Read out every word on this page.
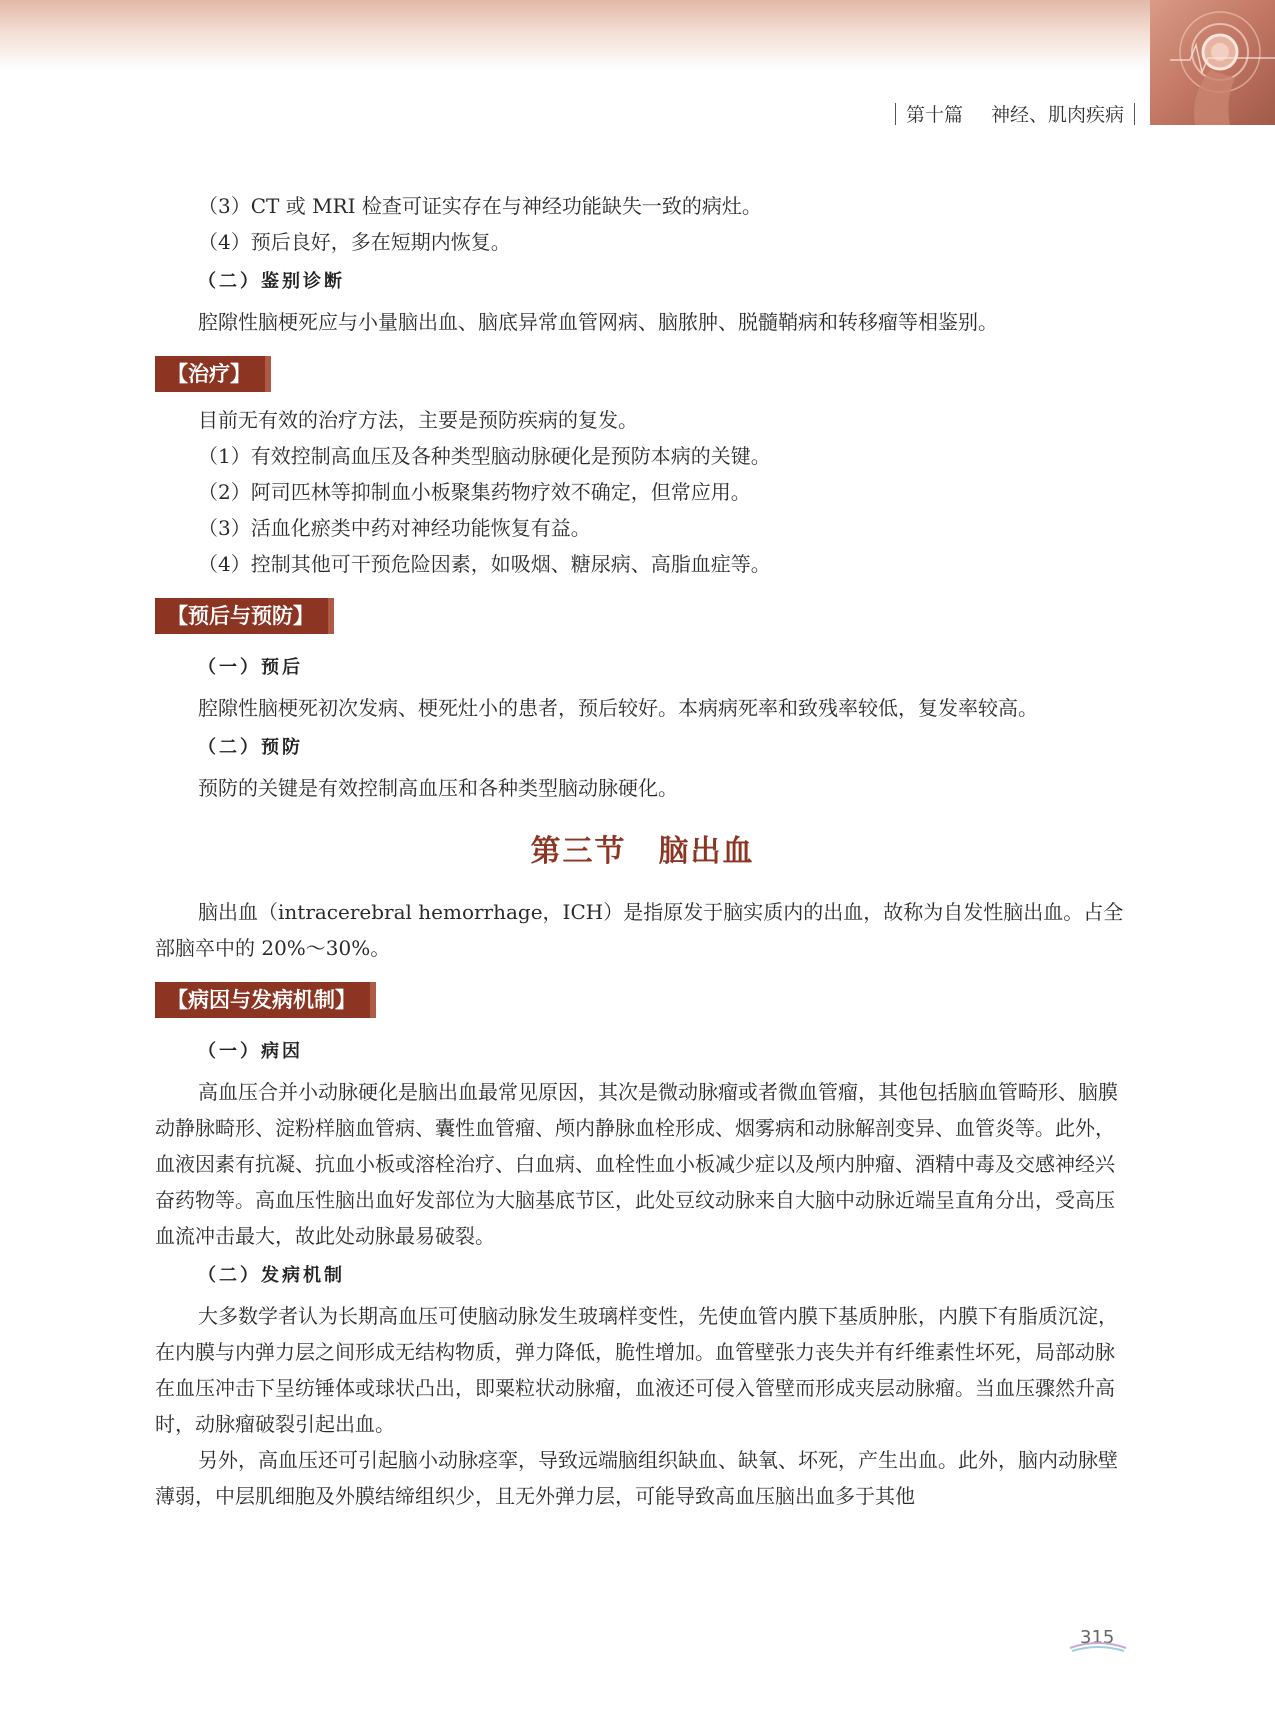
第十篇 神经、肌肉疾病
（3）CT 或 MRI 检查可证实存在与神经功能缺失一致的病灶。
（4）预后良好，多在短期内恢复。
（二）鉴别诊断

腔隙性脑梗死应与小量脑出血、脑底异常血管网病、脑脓肿、脱髓鞘病和转移瘤等相鉴别。

【治疗】

目前无有效的治疗方法，主要是预防疾病的复发。

（1）有效控制高血压及各种类型脑动脉硬化是预防本病的关键。
（2）阿司匹林等抑制血小板聚集药物疗效不确定，但常应用。
（3）活血化瘀类中药对神经功能恢复有益。
（4）控制其他可干预危险因素，如吸烟、糖尿病、高脂血症等。
【预后与预防】
（一）预后

腔隙性脑梗死初次发病、梗死灶小的患者，预后较好。本病病死率和致残率较低，复发率较高。

（二）预防

预防的关键是有效控制高血压和各种类型脑动脉硬化。

第三节　脑出血

脑出血（intracerebral hemorrhage，ICH）是指原发于脑实质内的出血，故称为自发性脑出血。占全部脑卒中的 20%～30%。

【病因与发病机制】
（一）病因

高血压合并小动脉硬化是脑出血最常见原因，其次是微动脉瘤或者微血管瘤，其他包括脑血管畸形、脑膜动静脉畸形、淀粉样脑血管病、囊性血管瘤、颅内静脉血栓形成、烟雾病和动脉解剖变异、血管炎等。此外，血液因素有抗凝、抗血小板或溶栓治疗、白血病、血栓性血小板减少症以及颅内肿瘤、酒精中毒及交感神经兴奋药物等。高血压性脑出血好发部位为大脑基底节区，此处豆纹动脉来自大脑中动脉近端呈直角分出，受高压血流冲击最大，故此处动脉最易破裂。

（二）发病机制

大多数学者认为长期高血压可使脑动脉发生玻璃样变性，先使血管内膜下基质肿胀，内膜下有脂质沉淀，在内膜与内弹力层之间形成无结构物质，弹力降低，脆性增加。血管壁张力丧失并有纤维素性坏死，局部动脉在血压冲击下呈纺锤体或球状凸出，即粟粒状动脉瘤，血液还可侵入管壁而形成夹层动脉瘤。当血压骤然升高时，动脉瘤破裂引起出血。

另外，高血压还可引起脑小动脉痉挛，导致远端脑组织缺血、缺氧、坏死，产生出血。此外，脑内动脉壁薄弱，中层肌细胞及外膜结缔组织少，且无外弹力层，可能导致高血压脑出血多于其他

315
